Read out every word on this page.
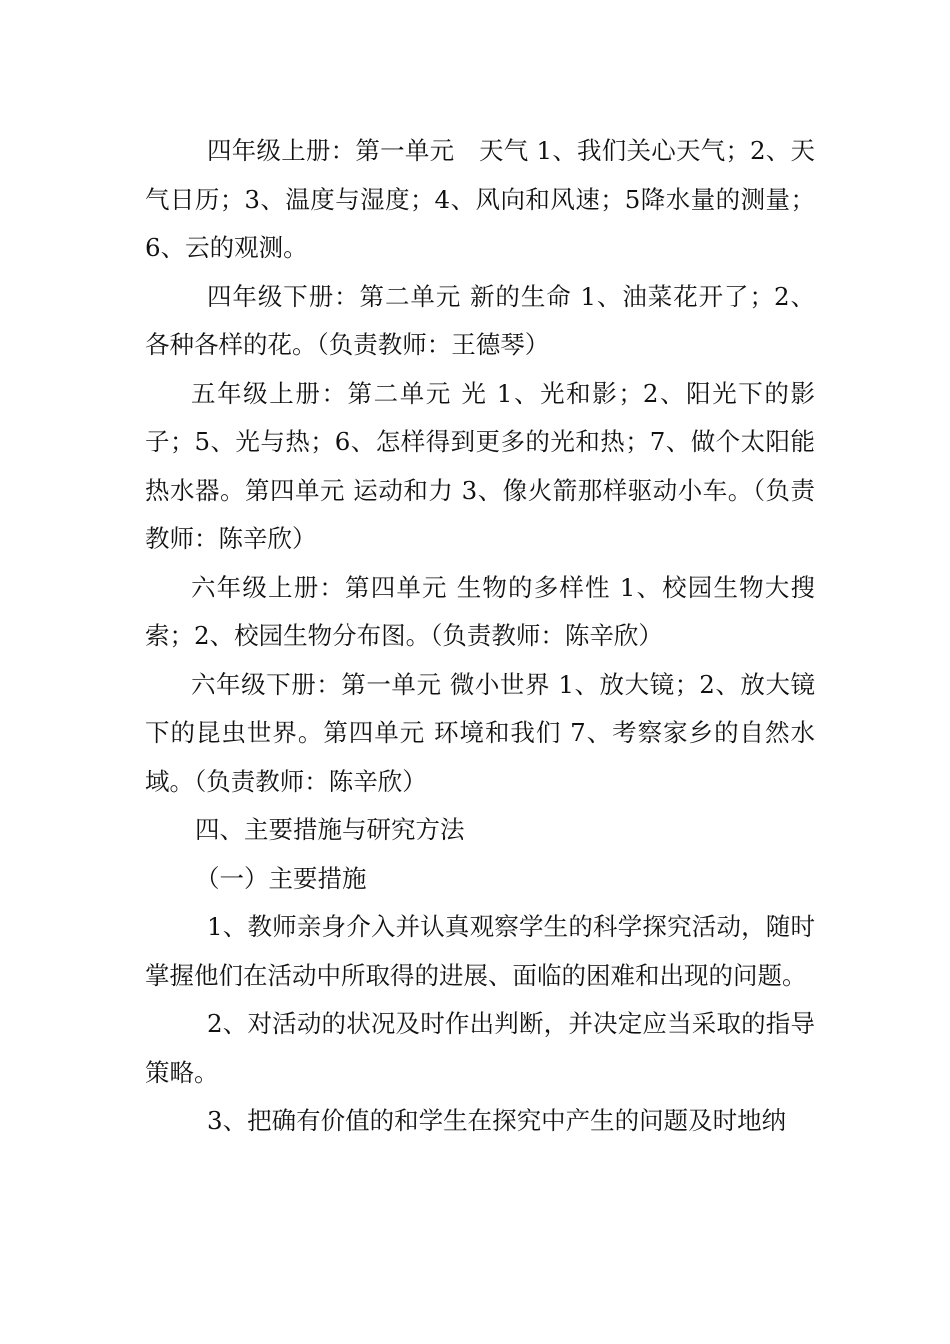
四年级上册：第一单元　天气 1、我们关心天气；2、天气日历；3、温度与湿度；4、风向和风速；5降水量的测量；6、云的观测。

四年级下册：第二单元 新的生命 1、油菜花开了；2、各种各样的花。（负责教师：王德琴）

五年级上册：第二单元 光 1、光和影；2、阳光下的影子；5、光与热；6、怎样得到更多的光和热；7、做个太阳能热水器。第四单元 运动和力 3、像火箭那样驱动小车。（负责教师：陈辛欣）

六年级上册：第四单元 生物的多样性 1、校园生物大搜索；2、校园生物分布图。（负责教师：陈辛欣）

六年级下册：第一单元 微小世界 1、放大镜；2、放大镜下的昆虫世界。第四单元 环境和我们 7、考察家乡的自然水域。（负责教师：陈辛欣）

四、主要措施与研究方法

（一）主要措施

1、教师亲身介入并认真观察学生的科学探究活动，随时掌握他们在活动中所取得的进展、面临的困难和出现的问题。

2、对活动的状况及时作出判断，并决定应当采取的指导策略。

3、把确有价值的和学生在探究中产生的问题及时地纳
